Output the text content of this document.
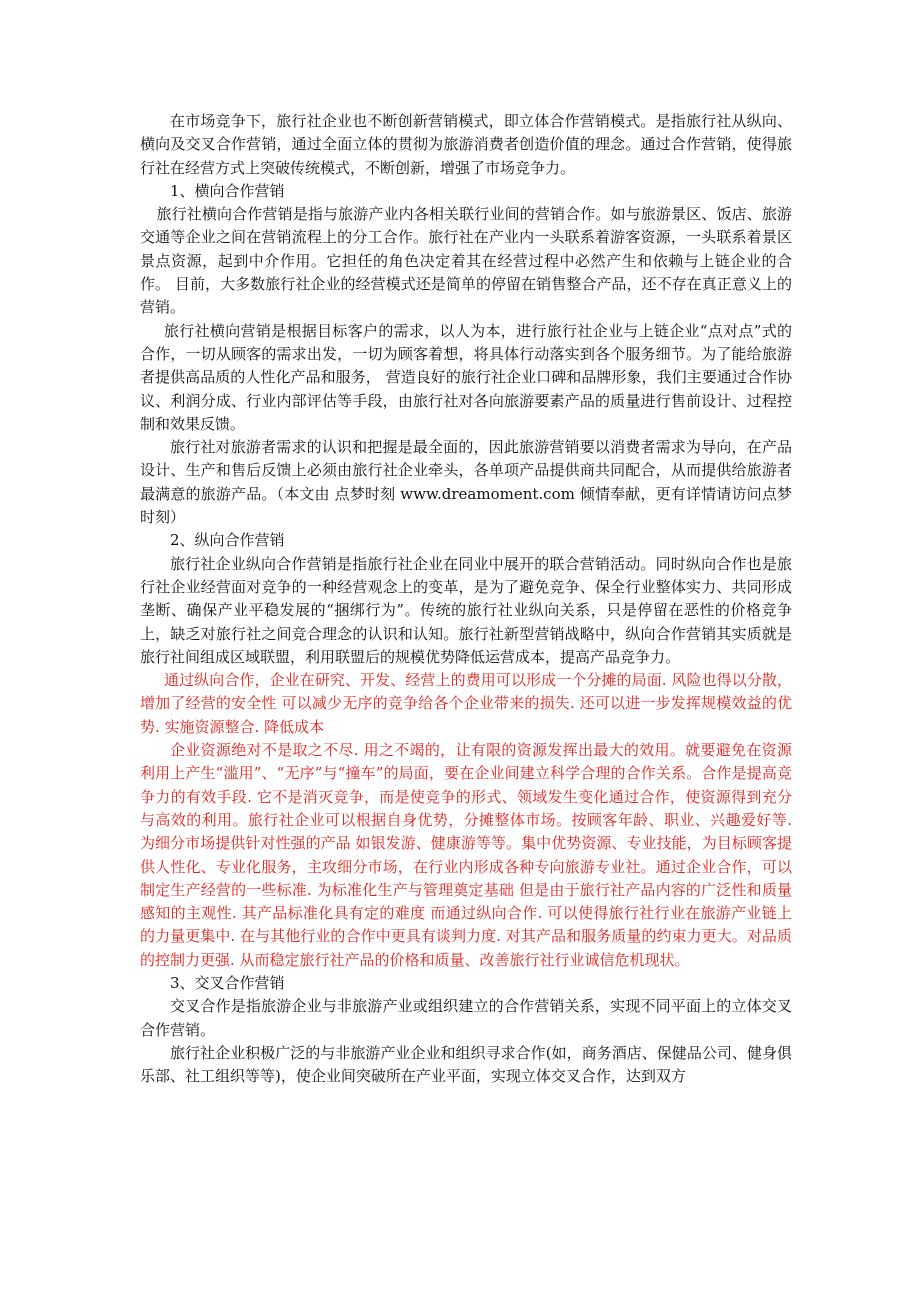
在市场竞争下，旅行社企业也不断创新营销模式，即立体合作营销模式。是指旅行社从纵向、横向及交叉合作营销，通过全面立体的贯彻为旅游消费者创造价值的理念。通过合作营销，使得旅行社在经营方式上突破传统模式，不断创新，增强了市场竞争力。

1、横向合作营销

旅行社横向合作营销是指与旅游产业内各相关联行业间的营销合作。如与旅游景区、饭店、旅游交通等企业之间在营销流程上的分工合作。旅行社在产业内一头联系着游客资源，一头联系着景区景点资源，起到中介作用。它担任的角色决定着其在经营过程中必然产生和依赖与上链企业的合作。 目前，大多数旅行社企业的经营模式还是简单的停留在销售整合产品，还不存在真正意义上的营销。

旅行社横向营销是根据目标客户的需求，以人为本，进行旅行社企业与上链企业“点对点”式的合作，一切从顾客的需求出发，一切为顾客着想，将具体行动落实到各个服务细节。为了能给旅游者提供高品质的人性化产品和服务， 营造良好的旅行社企业口碑和品牌形象，我们主要通过合作协议、利润分成、行业内部评估等手段，由旅行社对各向旅游要素产品的质量进行售前设计、过程控制和效果反馈。

旅行社对旅游者需求的认识和把握是最全面的，因此旅游营销要以消费者需求为导向，在产品设计、生产和售后反馈上必须由旅行社企业牵头，各单项产品提供商共同配合，从而提供给旅游者最满意的旅游产品。（本文由 点梦时刻 www.dreamoment.com 倾情奉献，更有详情请访问点梦时刻）

2、纵向合作营销

旅行社企业纵向合作营销是指旅行社企业在同业中展开的联合营销活动。同时纵向合作也是旅行社企业经营面对竞争的一种经营观念上的变革，是为了避免竞争、保全行业整体实力、共同形成垄断、确保产业平稳发展的“捆绑行为”。传统的旅行社业纵向关系，只是停留在恶性的价格竞争上，缺乏对旅行社之间竞合理念的认识和认知。旅行社新型营销战略中，纵向合作营销其实质就是旅行社间组成区域联盟，利用联盟后的规模优势降低运营成本，提高产品竞争力。

通过纵向合作，企业在研究、开发、经营上的费用可以形成一个分摊的局面. 风险也得以分散，增加了经营的安全性 可以减少无序的竞争给各个企业带来的损失. 还可以进一步发挥规模效益的优势. 实施资源整合. 降低成本

企业资源绝对不是取之不尽. 用之不竭的，让有限的资源发挥出最大的效用。就要避免在资源利用上产生“滥用”、“无序”与“撞车”的局面，要在企业间建立科学合理的合作关系。合作是提高竞争力的有效手段. 它不是消灭竞争，而是使竞争的形式、领域发生变化通过合作，使资源得到充分与高效的利用。旅行社企业可以根据自身优势，分摊整体市场。按顾客年龄、职业、兴趣爱好等. 为细分市场提供针对性强的产品 如银发游、健康游等等。集中优势资源、专业技能，为目标顾客提供人性化、专业化服务，主攻细分市场，在行业内形成各种专向旅游专业社。通过企业合作，可以制定生产经营的一些标准. 为标准化生产与管理奠定基础 但是由于旅行社产品内容的广泛性和质量感知的主观性. 其产品标准化具有定的难度 而通过纵向合作. 可以使得旅行社行业在旅游产业链上的力量更集中. 在与其他行业的合作中更具有谈判力度. 对其产品和服务质量的约束力更大。对品质的控制力更强. 从而稳定旅行社产品的价格和质量、改善旅行社行业诚信危机现状。

3、交叉合作营销

交叉合作是指旅游企业与非旅游产业或组织建立的合作营销关系，实现不同平面上的立体交叉合作营销。

旅行社企业积极广泛的与非旅游产业企业和组织寻求合作(如，商务酒店、保健品公司、健身俱乐部、社工组织等等)，使企业间突破所在产业平面，实现立体交叉合作，达到双方
